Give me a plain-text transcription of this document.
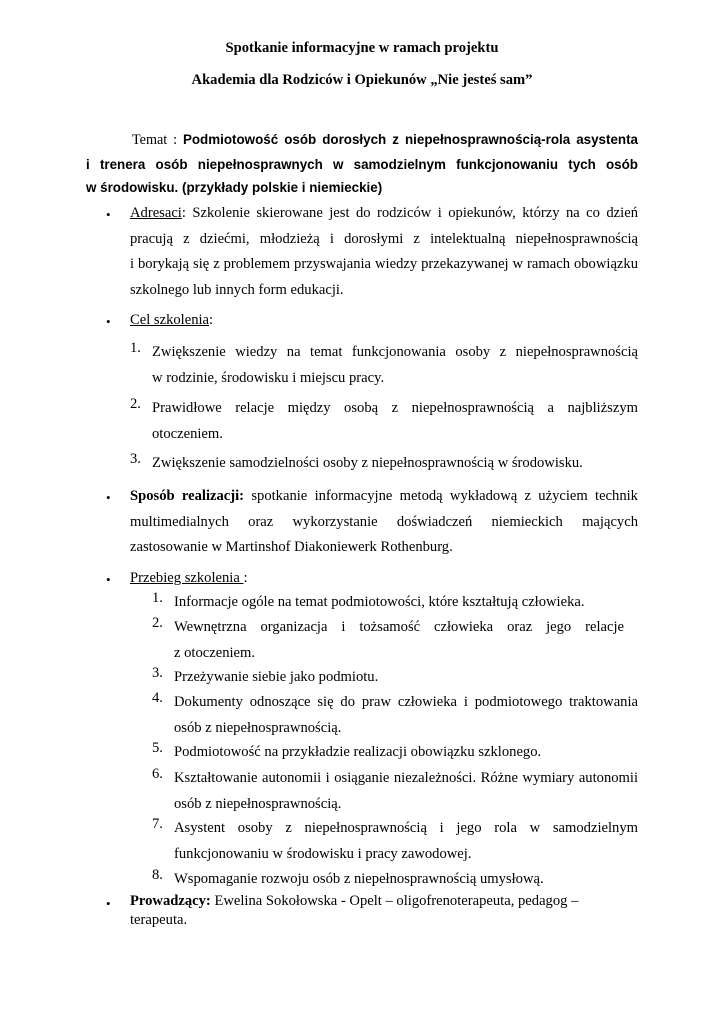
Spotkanie informacyjne w ramach projektu
Akademia dla Rodziców i Opiekunów „Nie jesteś sam”
Temat : Podmiotowość osób dorosłych z niepełnosprawnością-rola asystenta
i trenera osób niepełnosprawnych w samodzielnym funkcjonowaniu tych osób
w środowisku. (przykłady polskie i niemieckie)
• Adresaci: Szkolenie skierowane jest do rodziców i opiekunów, którzy na co dzień
pracują z dziećmi, młodzieżą i dorosłymi z intelektualną niepełnosprawnością
i borykają się z problemem przyswajania wiedzy przekazywanej w ramach obowiązku
szkolnego lub innych form edukacji.
• Cel szkolenia:
1. Zwiększenie wiedzy na temat funkcjonowania osoby z niepełnosprawnością
w rodzinie, środowisku i miejscu pracy.
2. Prawidłowe relacje między osobą z niepełnosprawnością a najbliższym
otoczeniem.
3. Zwiększenie samodzielności osoby z niepełnosprawnością w środowisku.
• Sposób realizacji: spotkanie informacyjne metodą wykładową z użyciem technik
multimedialnych oraz wykorzystanie doświadczeń niemieckich mających
zastosowanie w Martinshof Diakoniewerk Rothenburg.
• Przebieg szkolenia :
1. Informacje ogóle na temat podmiotowości, które kształtują człowieka.
2. Wewnętrzna organizacja i tożsamość człowieka oraz jego relacje
z otoczeniem.
3. Przeżywanie siebie jako podmiotu.
4. Dokumenty odnoszące się do praw człowieka i podmiotowego traktowania
osób z niepełnosprawnością.
5. Podmiotowość na przykładzie realizacji obowiązku szklonego.
6. Kształtowanie autonomii i osiąganie niezależności. Różne wymiary autonomii
osób z niepełnosprawnością.
7. Asystent osoby z niepełnosprawnością i jego rola w samodzielnym
funkcjonowaniu w środowisku i pracy zawodowej.
8. Wspomaganie rozwoju osób z niepełnosprawnością umysłową.
• Prowadzący: Ewelina Sokołowska - Opelt – oligofrenoterapeuta, pedagog –
terapeuta.
